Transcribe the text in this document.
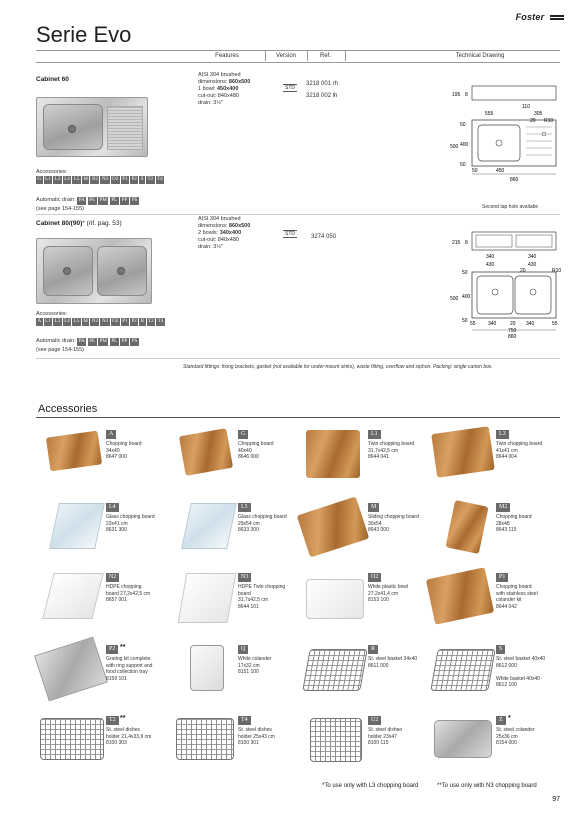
Foster
Serie Evo
Features	Version	Ref.	Technical Drawing
Cabinet 60
AISI 304 brushed
dimensions: 860x500
1 bowl: 450x400
cut-out: 840x480
drain: 3½"
STD
3218 001 rh
3218 002 lh
Accessories:
G L1 L3 L4 L5 M N2 N3 O2 P1 P2 S T2 T4
Automatic drain: PA PE PM PL PP PS
(see page 154-155)
195 8
110
555	305
20 R10
50
400
500
50
50	450
860
Second tap hole availabe
Cabinet 80/(90)* (rif. pag. 53)
AISI 304 brushed
dimensions: 860x500
2 bowls: 340x400
cut-out: 840x480
drain: 3½"
STD	3274 050
Accessories:
A L1 L3 L4 L5 M N2 N3 O2 P1 P2 R T2 T4
Automatic drain: PA PE PM PL PP PS
(see page 154-155)
215 8
340	340
430	430
20	R10
50
400
500
50 55 340	20 340	55
750
860
Standard fittings: fixing brackets, gasket (not available for under-mount sinks), waste fitting, overflow and siphon. Packing: single carton box.
Accessories
A
Chopping board
34x40
8647 000
G
Chopping board
40x40
8646 000
L1
Twin chopping board
31,7x42,5 cm
8644 041
L3
Twin chopping board
41x41 cm
8644 004
L4
Glass chopping board
23x41 cm
8631 300
L5
Glass chopping board
29x54 cm
8633 300
M
Sliding chopping board
30x54
8643 000
M2
Chopping board
28x48
8643 115
N2
HDPE chopping
board 27,2x42,5 cm
8657 001
N3
HDPE Twin chopping
board
31,7x42,5 cm
8644 101
O2
White plastic bowl
27,2x41,4 cm
8153 100
P1
Chopping board
with stainless steel
colander kit
8644 042
P2 **
Grating kit complete
with ring support and
food collection tray
8159 101
Q
White colander
17x32 cm
8151 100
R
St. steel basket 34x40
8611 000
S
St. steel basket 40x40
8612 000
White basket 40x40
8612 100
T2 **
St. steel dishes
holder 21,4x33,9 cm
8100 303
T4
St. steel dishes
holder 25x43 cm
8100 301
U2
St. steel disheo
holder 23x47
8100 115
Z *
St. steel colander
25x36 cm
8154 000
*To use only with L3 chopping board	**To use only with N3 chopping board
97
